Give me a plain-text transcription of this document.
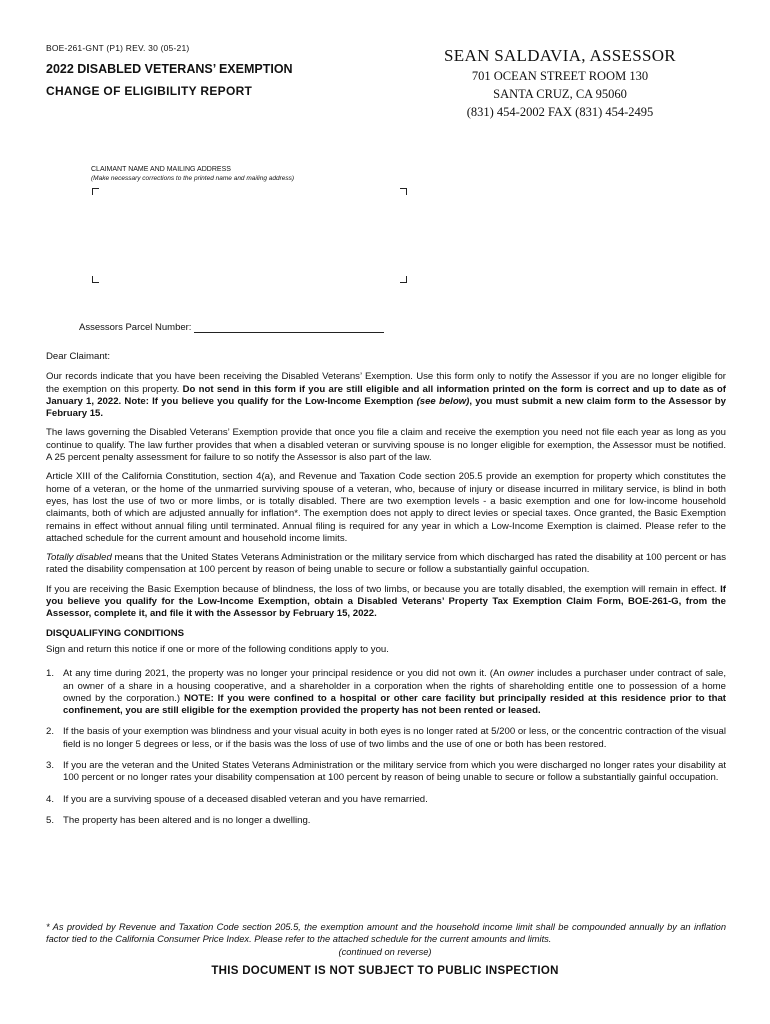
BOE-261-GNT (P1) REV. 30 (05-21)
2022 DISABLED VETERANS’ EXEMPTION
CHANGE OF ELIGIBILITY REPORT
SEAN SALDAVIA, ASSESSOR
701 OCEAN STREET ROOM 130
SANTA CRUZ, CA 95060
(831) 454-2002 FAX (831) 454-2495
CLAIMANT NAME AND MAILING ADDRESS
(Make necessary corrections to the printed name and mailing address)
Assessors Parcel Number:

Dear Claimant:

Our records indicate that you have been receiving the Disabled Veterans’ Exemption. Use this form only to notify the Assessor if you are no longer eligible for the exemption on this property. Do not send in this form if you are still eligible and all information printed on the form is correct and up to date as of January 1, 2022. Note: If you believe you qualify for the Low-Income Exemption (see below), you must submit a new claim form to the Assessor by February 15.

The laws governing the Disabled Veterans’ Exemption provide that once you file a claim and receive the exemption you need not file each year as long as you continue to qualify. The law further provides that when a disabled veteran or surviving spouse is no longer eligible for exemption, the Assessor must be notified. A 25 percent penalty assessment for failure to so notify the Assessor is also part of the law.

Article XIII of the California Constitution, section 4(a), and Revenue and Taxation Code section 205.5 provide an exemption for property which constitutes the home of a veteran, or the home of the unmarried surviving spouse of a veteran, who, because of injury or disease incurred in military service, is blind in both eyes, has lost the use of two or more limbs, or is totally disabled. There are two exemption levels - a basic exemption and one for low-income household claimants, both of which are adjusted annually for inflation*. The exemption does not apply to direct levies or special taxes. Once granted, the Basic Exemption remains in effect without annual filing until terminated. Annual filing is required for any year in which a Low-Income Exemption is claimed. Please refer to the attached schedule for the current amount and household income limits.

Totally disabled means that the United States Veterans Administration or the military service from which discharged has rated the disability at 100 percent or has rated the disability compensation at 100 percent by reason of being unable to secure or follow a substantially gainful occupation.

If you are receiving the Basic Exemption because of blindness, the loss of two limbs, or because you are totally disabled, the exemption will remain in effect. If you believe you qualify for the Low-Income Exemption, obtain a Disabled Veterans’ Property Tax Exemption Claim Form, BOE-261-G, from the Assessor, complete it, and file it with the Assessor by February 15, 2022.

DISQUALIFYING CONDITIONS
Sign and return this notice if one or more of the following conditions apply to you.
1. At any time during 2021, the property was no longer your principal residence or you did not own it. (An owner includes a purchaser under contract of sale, an owner of a share in a housing cooperative, and a shareholder in a corporation when the rights of shareholding entitle one to possession of a home owned by the corporation.) NOTE: If you were confined to a hospital or other care facility but principally resided at this residence prior to that confinement, you are still eligible for the exemption provided the property has not been rented or leased.
2. If the basis of your exemption was blindness and your visual acuity in both eyes is no longer rated at 5/200 or less, or the concentric contraction of the visual field is no longer 5 degrees or less, or if the basis was the loss of use of two limbs and the use of one or both has been restored.
3. If you are the veteran and the United States Veterans Administration or the military service from which you were discharged no longer rates your disability at 100 percent or no longer rates your disability compensation at 100 percent by reason of being unable to secure or follow a substantially gainful occupation.
4. If you are a surviving spouse of a deceased disabled veteran and you have remarried.
5. The property has been altered and is no longer a dwelling.
* As provided by Revenue and Taxation Code section 205.5, the exemption amount and the household income limit shall be compounded annually by an inflation factor tied to the California Consumer Price Index. Please refer to the attached schedule for the current amounts and limits.
(continued on reverse)
THIS DOCUMENT IS NOT SUBJECT TO PUBLIC INSPECTION
